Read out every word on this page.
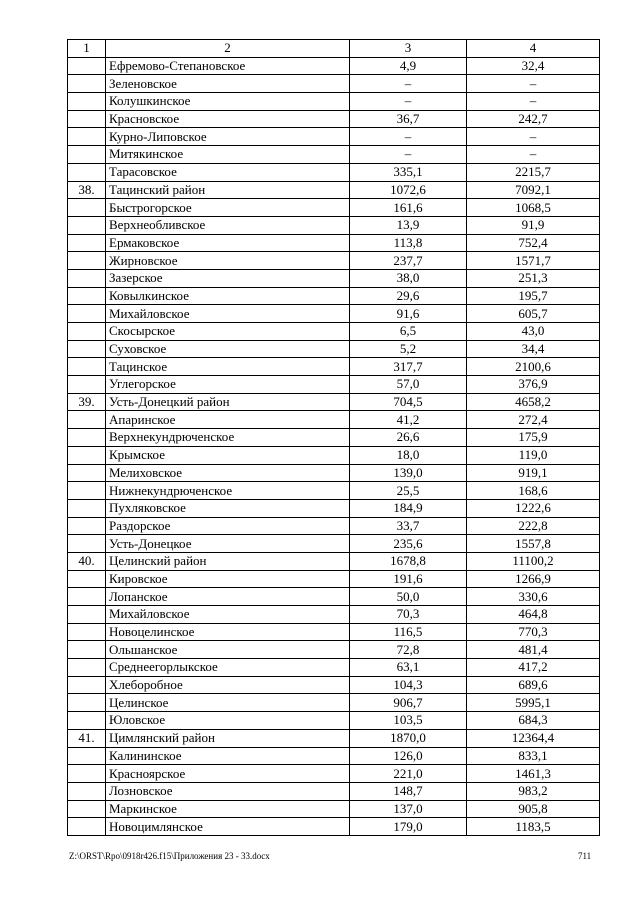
1	2	3	4
	Ефремово-Степановское	4,9	32,4
	Зеленовское	–	–
	Колушкинское	–	–
	Красновское	36,7	242,7
	Курно-Липовское	–	–
	Митякинское	–	–
	Тарасовское	335,1	2215,7
38.	Тацинский район	1072,6	7092,1
	Быстрогорское	161,6	1068,5
	Верхнеобливское	13,9	91,9
	Ермаковское	113,8	752,4
	Жирновское	237,7	1571,7
	Зазерское	38,0	251,3
	Ковылкинское	29,6	195,7
	Михайловское	91,6	605,7
	Скосырское	6,5	43,0
	Суховское	5,2	34,4
	Тацинское	317,7	2100,6
	Углегорское	57,0	376,9
39.	Усть-Донецкий район	704,5	4658,2
	Апаринское	41,2	272,4
	Верхнекундрюченское	26,6	175,9
	Крымское	18,0	119,0
	Мелиховское	139,0	919,1
	Нижнекундрюченское	25,5	168,6
	Пухляковское	184,9	1222,6
	Раздорское	33,7	222,8
	Усть-Донецкое	235,6	1557,8
40.	Целинский район	1678,8	11100,2
	Кировское	191,6	1266,9
	Лопанское	50,0	330,6
	Михайловское	70,3	464,8
	Новоцелинское	116,5	770,3
	Ольшанское	72,8	481,4
	Среднеегорлыкское	63,1	417,2
	Хлеборобное	104,3	689,6
	Целинское	906,7	5995,1
	Юловское	103,5	684,3
41.	Цимлянский район	1870,0	12364,4
	Калининское	126,0	833,1
	Красноярское	221,0	1461,3
	Лозновское	148,7	983,2
	Маркинское	137,0	905,8
	Новоцимлянское	179,0	1183,5
Z:\ORST\Rpo\0918r426.f15\Приложения 23 - 33.docx	711
